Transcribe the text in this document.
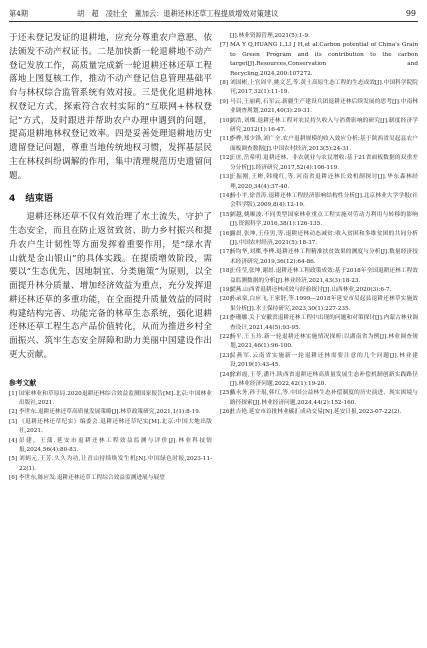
第4期	胡　超　凌壮全　董加云：退耕还林还草工程提质增效对策建议	99

于还未登记发证的退耕地，应充分尊重农户意愿，依法颁发不动产权证书。二是加快新一轮退耕地不动产登记发放工作，高质量完成新一轮退耕还林还草工程落地上图复核工作，推动不动产登记信息管理基础平台与林权综合监管系统有效对接。三是优化退耕地林权登记方式，探索符合农村实际的“互联网+林权登记”方式，及时跟进并帮助农户办理申遇到的问题，提高退耕地林权登记效率。四是妥善处理退耕地历史遗留登记问题，尊重当地传统地权习惯，发挥基层民主在林权纠纷调解的作用，集中清理规范历史遗留问题。

4 结束语

退耕还林还草不仅有效治理了水土流失，守护了生态安全，而且在防止返贫致贫、助力乡村振兴和提升农户生计韧性等方面发挥着重要作用，是“绿水青山就是金山银山”的具体实践。在提质增效阶段，需要以“生态优先、因地制宜、分类施策”为原则，以全面提升林分质量、增加经济效益为重点，充分发挥退耕还林还草的多重功能，在全面提升质量效益的同时构建结构完善、功能完备的林草生态系统，强化退耕还林还草工程生态产品价值转化，从而为推进乡村全面振兴、筑牢生态安全屏障和助力美丽中国建设作出更大贡献。

参考文献

[1] 国家林业和草原局.2020退耕还林综合效益监测国家报告[M].北京:中国林业出版社,2021.

[2] 李世东.退耕还林还草高质量发展策略[J].林草政策研究,2021,1(1):8-19.

[3] 《退耕还林还草纪实》编委会.退耕还林还草纪实[M].北京:中国大地出版社,2021.

[4] 彭建，王蒲.延安市退耕还林工程效益监测与评价[J].林业科技情报,2024,56(4):80-83.

[5] 刘炳元,王芳.久久为功,让青山持续焕发生机[N].中国绿色时报,2023-11-22(1).

[6] 李世东,陈应发.退耕还林还草工程综合效益监测进展与展望

[J].林业资源管理,2021(5):1-9.

[7] MA Y Q,HUANG L,LI J H,et al.Carbon potential of China's Grain to Green Program and its contribution to the carbon target[J].Resources,Conservation and Recycling,2024,200:107272.

[8] 刘国彬,上官周平,姚文艺,等.黄土高原生态工程的生态成效[J].中国科学院院刊,2017,32(1):11-19.

[9] 马召,王丽莉,石军云.新疆生产建设兵团退耕还林后续发展的思考[J].中南林业调查规划,2021,40(3):29-31.

[10]
刘浩,刘璨.退耕还林工程对农民持久收入与消费影响的研究[J].制度经济学研究,2012(1):16-47.

[11]
李桦,郑少锋,刘广全.农户退耕规模的收入效应分析:基于陕西省吴起县农户面板调查数据[J].中国农村经济,2013(5):24-31.

[12]
王庶,岳希明.退耕还林、非农就业与农民增收:基于21省面板数据的双重差分分析[J].经济研究,2017,52(4):106-119.

[13]
王振刚,王彬,韩瑰红,等.河南省退耕还林长效机制探讨[J].华东森林经理,2020,34(4):37-40.

[14]
杨小平,徐晋涛.退耕还林工程经济影响结构性分析[J].北京林业大学学报(社会科学版),2009,8(4):12-19.

[15]
刘越,姚顺波.不同类型国家林业重点工程实施对劳动力利用与转移的影响[J].资源科学,2016,38(1):126-135.

[16]
谢晨,张坤,王佳男,等.退耕还林动态减贫:收入贫困和多维贫困的共同分析[J].中国农村经济,2021(5):18-37.

[17]
杨均华,刘璨,李桦.退耕还林工程精准扶贫效果的测度与分析[J].数量经济技术经济研究,2019,36(12):64-86.

[18]
王佳莹,张坤,谢晨.退耕还林工程政策成效:基于2018年全国退耕还林工程效益监测数据的分析[J].林业经济,2021,43(3):18-23.

[19]
梁燕.山西省退耕还林成效与经验探讨[J].山西林业,2020(3):6-7.

[20]
孙录栾,白应飞,王家舒,等.1999—2018年延安市吴起县退耕还林草实施效果分析[J].水土保持研究,2023,30(1):227-235.

[21]
李珊娜.关于安徽省退耕还林工程中出现的问题和对策探讨[J].内蒙古林业调查设计,2021,44(5):93-95.

[22]
杨平,王玉玲.新一轮退耕还林实施情况探析:以湖南省为例[J].林业调查规划,2021,46(1):96-100.

[23]
吴燕军.云南省实施新一轮退耕还林需要注意的几个问题[J].林业建设,2019(1):43-45.

[24]
徐彩霞,王苓,潘丹.陕西省退耕还林高质量发展生态补偿机制创新实践路径[J].林业经济问题,2022,42(1):19-20.

[25]
戴永务,孙于琨,韩红,等.中国公益林生态补偿制度的历史演进、现实困境与路径探索[J].林业经济问题,2024,44(2):152-160.

[26]
杜吉艳.延安市首批林业碳汇成功交易[N].延安日报,2023-07-22(2).
